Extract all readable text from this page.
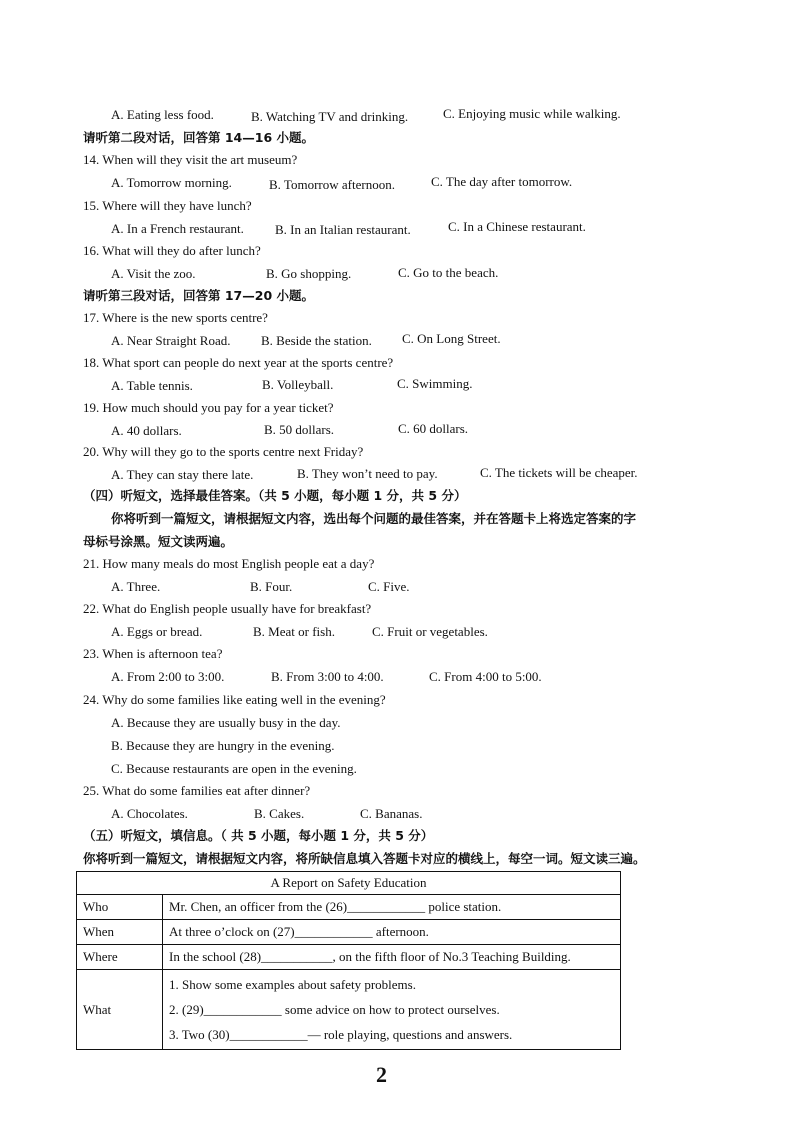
A. Eating less food.	B. Watching TV and drinking.	C. Enjoying music while walking.
请听第二段对话，回答第 14—16 小题。
14. When will they visit the art museum?
A. Tomorrow morning.	B. Tomorrow afternoon.	C. The day after tomorrow.
15. Where will they have lunch?
A. In a French restaurant. B. In an Italian restaurant.	C. In a Chinese restaurant.
16. What will they do after lunch?
A. Visit the zoo.	B. Go shopping.	C. Go to the beach.
请听第三段对话，回答第 17—20 小题。
17. Where is the new sports centre?
A. Near Straight Road. B. Beside the station. C. On Long Street.
18. What sport can people do next year at the sports centre?
A. Table tennis.	B. Volleyball.	C. Swimming.
19. How much should you pay for a year ticket?
A. 40 dollars.	B. 50 dollars.	C. 60 dollars.
20. Why will they go to the sports centre next Friday?
A. They can stay there late.	B. They won’t need to pay.	C. The tickets will be cheaper.
（四）听短文，选择最佳答案。（共 5 小题，每小题 1 分，共 5 分）
你将听到一篇短文，请根据短文内容，选出每个问题的最佳答案，并在答题卡上将选定答案的字
母标号涂黑。短文读两遍。
21. How many meals do most English people eat a day?
A. Three.	B. Four.	C. Five.
22. What do English people usually have for breakfast?
A. Eggs or bread.	B. Meat or fish.	C. Fruit or vegetables.
23. When is afternoon tea?
A. From 2:00 to 3:00.	B. From 3:00 to 4:00.	C. From 4:00 to 5:00.
24. Why do some families like eating well in the evening?
A. Because they are usually busy in the day.
B. Because they are hungry in the evening.
C. Because restaurants are open in the evening.
25. What do some families eat after dinner?
A. Chocolates.	B. Cakes.	C. Bananas.
（五）听短文，填信息。（ 共 5 小题，每小题 1 分，共 5 分）
你将听到一篇短文，请根据短文内容，将所缺信息填入答题卡对应的横线上，每空一词。短文读三遍。
A Report on Safety Education	
Who	Mr. Chen, an officer from the (26)____________ police station.
When	At three o’clock on (27)____________ afternoon.
Where	In the school (28)___________, on the fifth floor of No.3 Teaching Building.
What	1. Show some examples about safety problems.
2. (29)____________ some advice on how to protect ourselves.
3. Two (30)____________— role playing, questions and answers.
2
